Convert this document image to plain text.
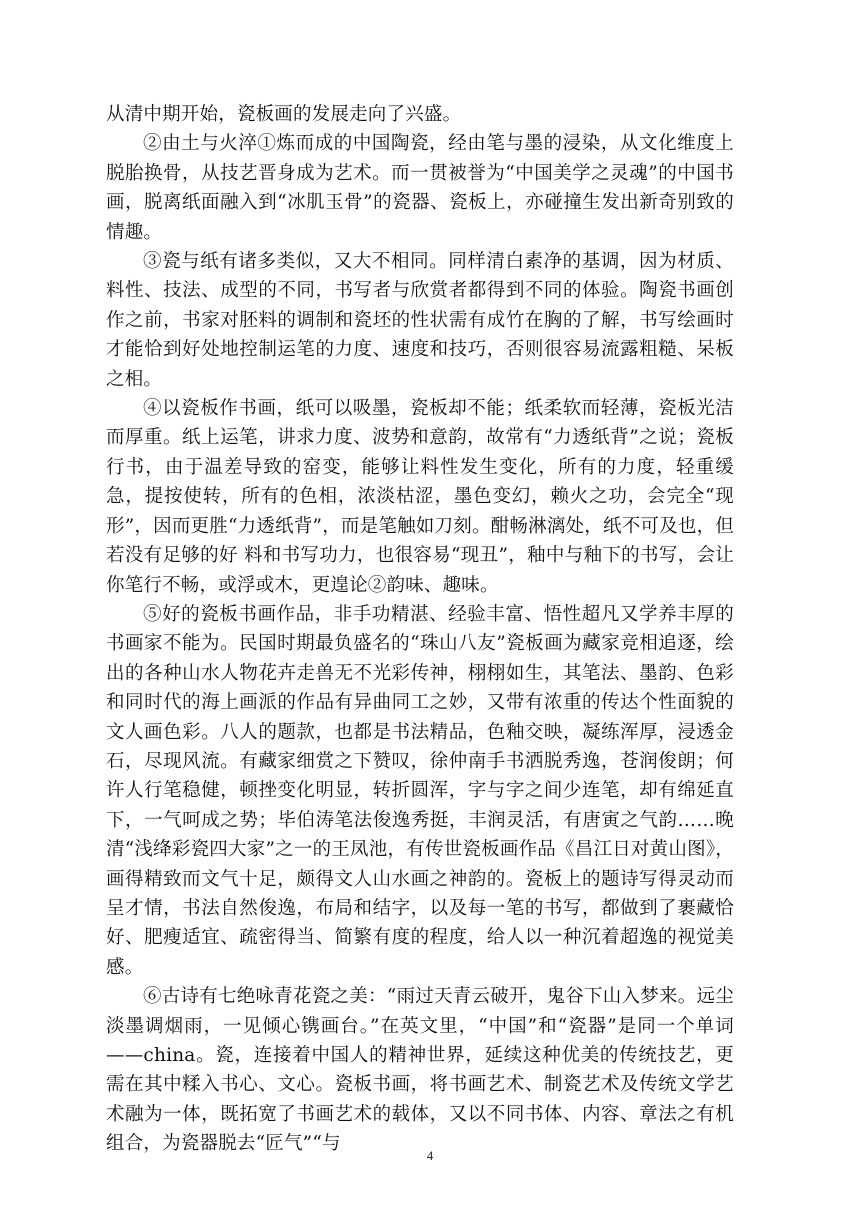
从清中期开始，瓷板画的发展走向了兴盛。

②由土与火淬①炼而成的中国陶瓷，经由笔与墨的浸染，从文化维度上脱胎换骨，从技艺晋身成为艺术。而一贯被誉为“中国美学之灵魂”的中国书画，脱离纸面融入到“冰肌玉骨”的瓷器、瓷板上，亦碰撞生发出新奇别致的情趣。

③瓷与纸有诸多类似，又大不相同。同样清白素净的基调，因为材质、料性、技法、成型的不同，书写者与欣赏者都得到不同的体验。陶瓷书画创作之前，书家对胚料的调制和瓷坯的性状需有成竹在胸的了解，书写绘画时才能恰到好处地控制运笔的力度、速度和技巧，否则很容易流露粗糙、呆板之相。

④以瓷板作书画，纸可以吸墨，瓷板却不能；纸柔软而轻薄，瓷板光洁而厚重。纸上运笔，讲求力度、波势和意韵，故常有“力透纸背”之说；瓷板行书，由于温差导致的窑变，能够让料性发生变化，所有的力度，轻重缓急，提按使转，所有的色相，浓淡枯涩，墨色变幻，赖火之功，会完全“现形”，因而更胜“力透纸背”，而是笔触如刀刻。酣畅淋漓处，纸不可及也，但若没有足够的好 料和书写功力，也很容易“现丑”，釉中与釉下的书写，会让你笔行不畅，或浮或木，更遑论②韵味、趣味。

⑤好的瓷板书画作品，非手功精湛、经验丰富、悟性超凡又学养丰厚的书画家不能为。民国时期最负盛名的“珠山八友”瓷板画为藏家竞相追逐，绘出的各种山水人物花卉走兽无不光彩传神，栩栩如生，其笔法、墨韵、色彩和同时代的海上画派的作品有异曲同工之妙，又带有浓重的传达个性面貌的文人画色彩。八人的题款，也都是书法精品，色釉交映，凝练浑厚，浸透金石，尽现风流。有藏家细赏之下赞叹，徐仲南手书洒脱秀逸，苍润俊朗；何许人行笔稳健，顿挫变化明显，转折圆浑，字与字之间少连笔，却有绵延直下，一气呵成之势；毕伯涛笔法俊逸秀挺，丰润灵活，有唐寅之气韵……晚清“浅绛彩瓷四大家”之一的王凤池，有传世瓷板画作品《昌江日对黄山图》，画得精致而文气十足，颇得文人山水画之神韵的。瓷板上的题诗写得灵动而呈才情，书法自然俊逸，布局和结字，以及每一笔的书写，都做到了裹藏恰好、肥瘦适宜、疏密得当、简繁有度的程度，给人以一种沉着超逸的视觉美感。

⑥古诗有七绝咏青花瓷之美：“雨过天青云破开，鬼谷下山入梦来。远尘淡墨调烟雨，一见倾心镌画台。”在英文里，“中国”和“瓷器”是同一个单词——china。瓷，连接着中国人的精神世界，延续这种优美的传统技艺，更需在其中糅入书心、文心。瓷板书画，将书画艺术、制瓷艺术及传统文学艺术融为一体，既拓宽了书画艺术的载体，又以不同书体、内容、章法之有机组合，为瓷器脱去“匠气”“与

4
